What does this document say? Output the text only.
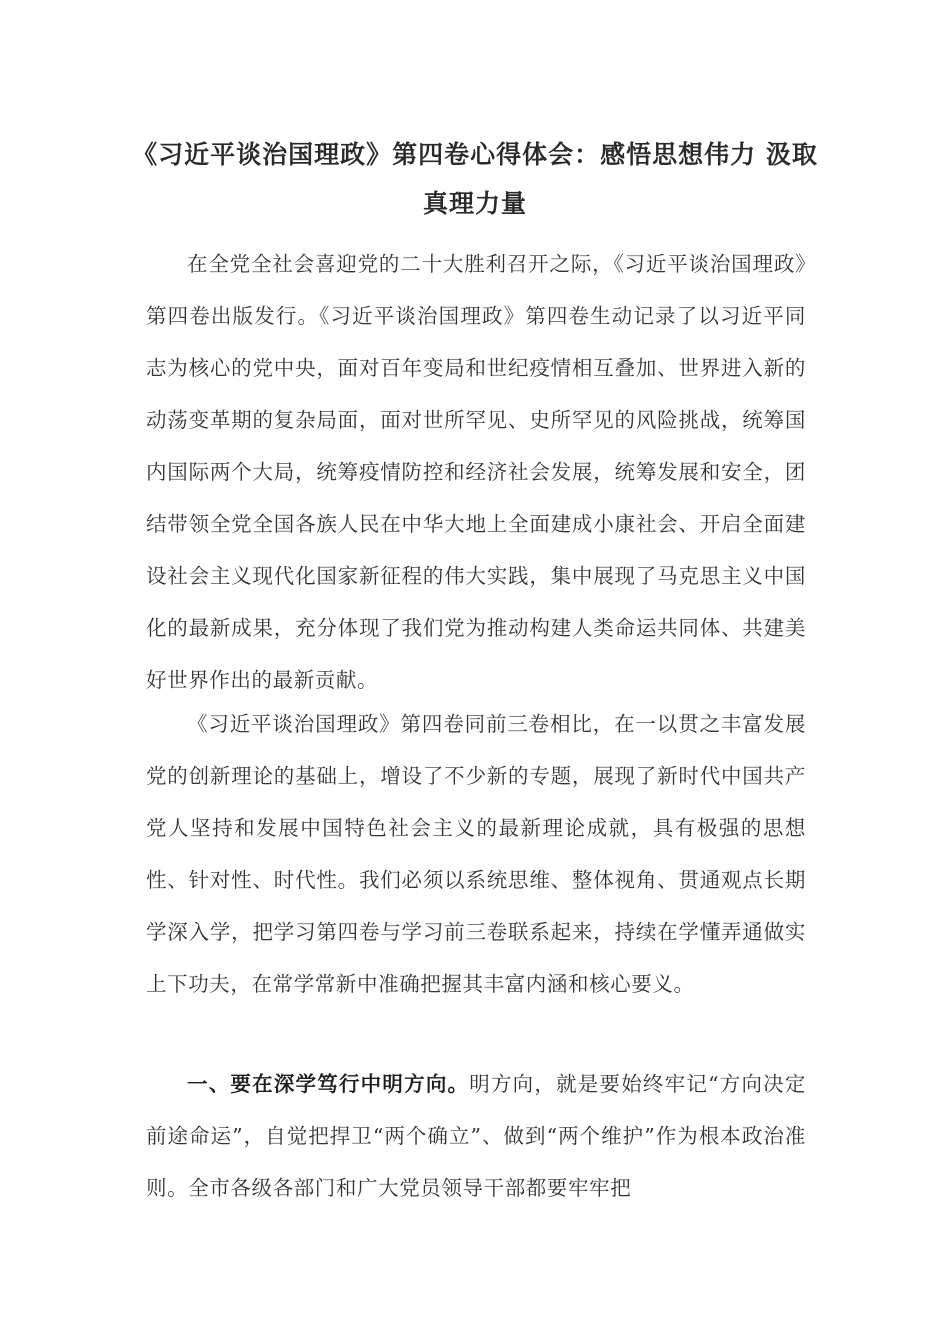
《习近平谈治国理政》第四卷心得体会：感悟思想伟力 汲取真理力量

在全党全社会喜迎党的二十大胜利召开之际，《习近平谈治国理政》第四卷出版发行。《习近平谈治国理政》第四卷生动记录了以习近平同志为核心的党中央，面对百年变局和世纪疫情相互叠加、世界进入新的动荡变革期的复杂局面，面对世所罕见、史所罕见的风险挑战，统筹国内国际两个大局，统筹疫情防控和经济社会发展，统筹发展和安全，团结带领全党全国各族人民在中华大地上全面建成小康社会、开启全面建设社会主义现代化国家新征程的伟大实践，集中展现了马克思主义中国化的最新成果，充分体现了我们党为推动构建人类命运共同体、共建美好世界作出的最新贡献。

《习近平谈治国理政》第四卷同前三卷相比，在一以贯之丰富发展党的创新理论的基础上，增设了不少新的专题，展现了新时代中国共产党人坚持和发展中国特色社会主义的最新理论成就，具有极强的思想性、针对性、时代性。我们必须以系统思维、整体视角、贯通观点长期学深入学，把学习第四卷与学习前三卷联系起来，持续在学懂弄通做实上下功夫，在常学常新中准确把握其丰富内涵和核心要义。

一、要在深学笃行中明方向。明方向，就是要始终牢记“方向决定前途命运”，自觉把捍卫“两个确立”、做到“两个维护”作为根本政治准则。全市各级各部门和广大党员领导干部都要牢牢把
